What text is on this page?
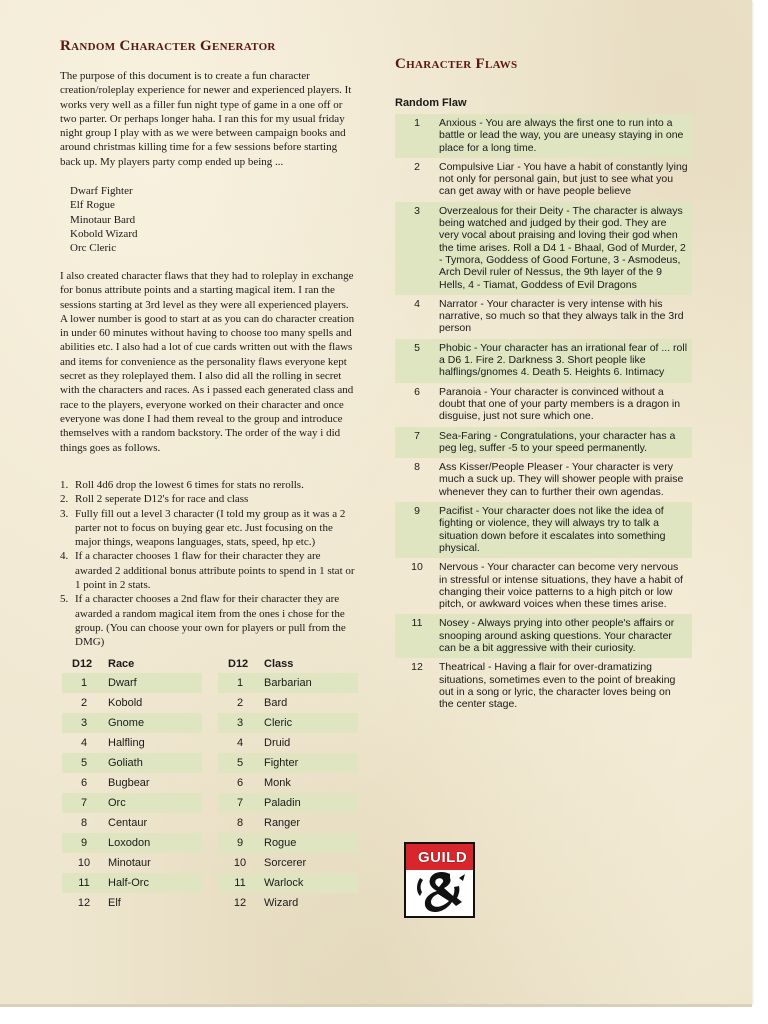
Random Character Generator

The purpose of this document is to create a fun character creation/roleplay experience for newer and experienced players. It works very well as a filler fun night type of game in a one off or two parter. Or perhaps longer haha. I ran this for my usual friday night group I play with as we were between campaign books and around christmas killing time for a few sessions before starting back up. My players party comp ended up being ...

Dwarf Fighter
Elf Rogue
Minotaur Bard
Kobold Wizard
Orc Cleric

I also created character flaws that they had to roleplay in exchange for bonus attribute points and a starting magical item. I ran the sessions starting at 3rd level as they were all experienced players. A lower number is good to start at as you can do character creation in under 60 minutes without having to choose too many spells and abilities etc. I also had a lot of cue cards written out with the flaws and items for convenience as the personality flaws everyone kept secret as they roleplayed them. I also did all the rolling in secret with the characters and races. As i passed each generated class and race to the players, everyone worked on their character and once everyone was done I had them reveal to the group and introduce themselves with a random backstory. The order of the way i did things goes as follows.

1. Roll 4d6 drop the lowest 6 times for stats no rerolls.
2. Roll 2 seperate D12's for race and class
3. Fully fill out a level 3 character (I told my group as it was a 2 parter not to focus on buying gear etc. Just focusing on the major things, weapons languages, stats, speed, hp etc.)
4. If a character chooses 1 flaw for their character they are awarded 2 additional bonus attribute points to spend in 1 stat or 1 point in 2 stats.
5. If a character chooses a 2nd flaw for their character they are awarded a random magical item from the ones i chose for the group. (You can choose your own for players or pull from the DMG)
D12	Race
1	Dwarf
2	Kobold
3	Gnome
4	Halfling
5	Goliath
6	Bugbear
7	Orc
8	Centaur
9	Loxodon
10	Minotaur
11	Half-Orc
12	Elf
D12	Class
1	Barbarian
2	Bard
3	Cleric
4	Druid
5	Fighter
6	Monk
7	Paladin
8	Ranger
9	Rogue
10	Sorcerer
11	Warlock
12	Wizard
Character Flaws
Random Flaw
1	Anxious - You are always the first one to run into a battle or lead the way, you are uneasy staying in one place for a long time.
2	Compulsive Liar - You have a habit of constantly lying not only for personal gain, but just to see what you can get away with or have people believe
3	Overzealous for their Deity - The character is always being watched and judged by their god. They are very vocal about praising and loving their god when the time arises. Roll a D4 1 - Bhaal, God of Murder, 2 - Tymora, Goddess of Good Fortune, 3 - Asmodeus, Arch Devil ruler of Nessus, the 9th layer of the 9 Hells, 4 - Tiamat, Goddess of Evil Dragons
4	Narrator - Your character is very intense with his narrative, so much so that they always talk in the 3rd person
5	Phobic - Your character has an irrational fear of ... roll a D6 1. Fire 2. Darkness 3. Short people like halflings/gnomes 4. Death 5. Heights 6. Intimacy
6	Paranoia - Your character is convinced without a doubt that one of your party members is a dragon in disguise, just not sure which one.
7	Sea-Faring - Congratulations, your character has a peg leg, suffer -5 to your speed permanently.
8	Ass Kisser/People Pleaser - Your character is very much a suck up. They will shower people with praise whenever they can to further their own agendas.
9	Pacifist - Your character does not like the idea of fighting or violence, they will always try to talk a situation down before it escalates into something physical.
10	Nervous - Your character can become very nervous in stressful or intense situations, they have a habit of changing their voice patterns to a high pitch or low pitch, or awkward voices when these times arise.
11	Nosey - Always prying into other people's affairs or snooping around asking questions. Your character can be a bit aggressive with their curiosity.
12	Theatrical - Having a flair for over-dramatizing situations, sometimes even to the point of breaking out in a song or lyric, the character loves being on the center stage.
GUILD
